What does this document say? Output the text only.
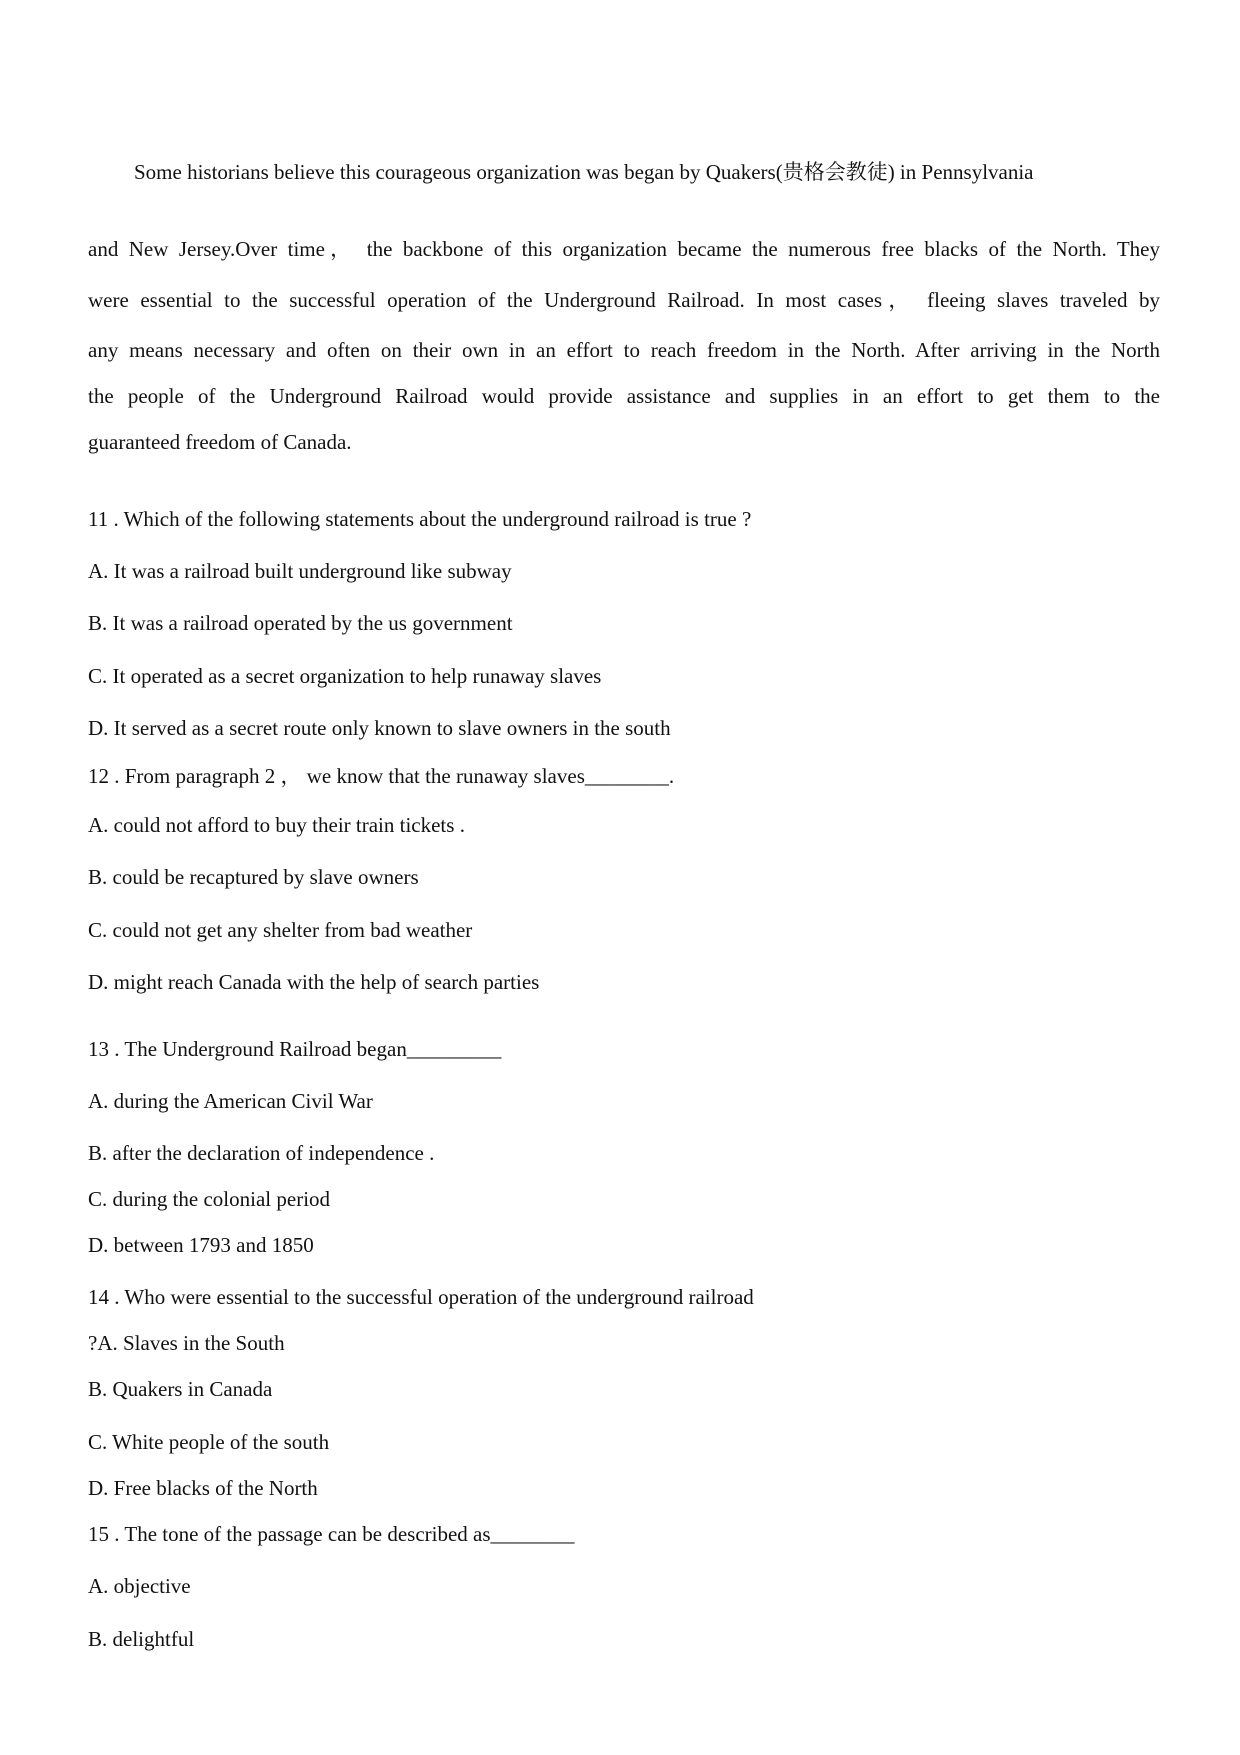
Some historians believe this courageous organization was began by Quakers(贵格会教徒) in Pennsylvania
and New Jersey.Over time， the backbone of this organization became the numerous free blacks of the North. They
were essential to the successful operation of the Underground Railroad. In most cases， fleeing slaves traveled by
any means necessary and often on their own in an effort to reach freedom in the North. After arriving in the North
the people of the Underground Railroad would provide assistance and supplies in an effort to get them to the
guaranteed freedom of Canada.
11 . Which of the following statements about the underground railroad is true ?
A. It was a railroad built underground like subway
B. It was a railroad operated by the us government
C. It operated as a secret organization to help runaway slaves
D. It served as a secret route only known to slave owners in the south
12 . From paragraph 2 ， we know that the runaway slaves________.
A. could not afford to buy their train tickets .
B. could be recaptured by slave owners
C. could not get any shelter from bad weather
D. might reach Canada with the help of search parties
13 . The Underground Railroad began_________
A. during the American Civil War
B. after the declaration of independence .
C. during the colonial period
D. between 1793 and 1850
14 . Who were essential to the successful operation of the underground railroad
?A. Slaves in the South
B. Quakers in Canada
C. White people of the south
D. Free blacks of the North
15 . The tone of the passage can be described as________
A. objective
B. delightful
